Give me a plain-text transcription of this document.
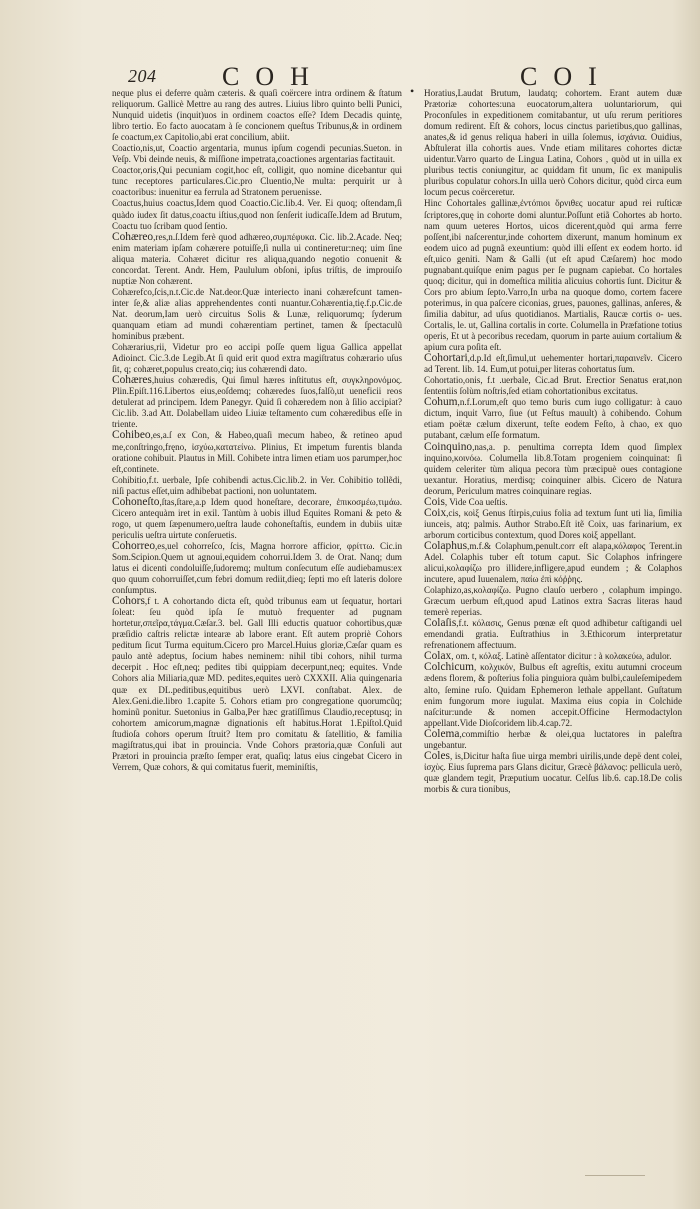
204	COH	COI
•

neque plus ei deferre quàm cæteris. & quaſi coërcere intra ordinem & ſtatum reliquorum. Gallicè Mettre au rang des autres. Liuius libro quinto belli Punici, Nunquid uidetis (inquit)uos in ordinem coactos eſſe? Idem Decadis quintę, libro tertio. Eo facto auocatam à ſe concionem queſtus Tribunus,& in ordinem ſe coactum,ex Capitolio,abi erat concilium, abiit.

Coactio,nis,ut, Coactio argentaria, munus ipſum cogendi pecunias.Sueton. in Veſp. Vbi deinde neuis, & miſſione impetrata,coactiones argentarias factitauit.

Coactor,oris,Qui pecuniam cogit,hoc eſt, colligit, quo nomine dicebantur qui tunc receptores particulares.Cic.pro Cluentio,Ne multa: perquirit ur à coactoribus: inuenitur ea ferrula ad Stratonem peruenisse.

Coactus,huius coactus,Idem quod Coactio.Cic.lib.4. Ver. Ei quoq; oſtendam,ſi quàdo iudex ſit datus,coactu iſtius,quod non ſenſerit iudicaſſe.Idem ad Brutum, Coactu tuo ſcribam quod ſentio.

Cohæreo,res,n.ſ.Idem ferè quod adhæreo,συμπέφυκα. Cic. lib.2.Acade. Neq; enim materiam ipſam cohærere potuiſſe,ſi nulla ui contineretur:neq; uim ſine aliqua materia. Cohæret dicitur res aliqua,quando negotio conuenit & concordat. Terent. Andr. Hem, Paululum obſoni, ipſus triſtis, de improuiſo nuptiæ Non cohærent.

Cohærefco,ſcis,n.t.Cic.de Nat.deor.Quæ interiecto inani cohærefcunt tamen-inter ſe,& aliæ alias apprehendentes conti nuantur.Cohærentia,tię.f.p.Cic.de Nat. deorum,Iam uerò circuitus Solis & Lunæ, reliquorumq; ſyderum quanquam etiam ad mundi cohærentiam pertinet, tamen & ſpectaculũ hominibus præbent.

Cohærarius,rii, Videtur pro eo accipi poſſe quem ligua Gallica appellat Adioinct. Cic.3.de Legib.At ſi quid erit quod extra magiſtratus cohærario uſus ſit, q; cohæret,populus creato,ciq; ius cohærendi dato.

Cohæres,huius cohæredis, Qui ſimul hæres inſtitutus eſt, συγκληρονόμος. Plin.Epiſt.116.Libertos eius,eoſdemq; cohæredes ſuos,falſò,ut ueneficii reos detulerat ad principem. Idem Panegyr. Quid ſi cohæredem non à ſilio accipiat? Cic.lib. 3.ad Att. Dolabellam uideo Liuiæ teſtamento cum cohæredibus eſſe in triente.

Cohibeo,es,a.ſ ex Con, & Habeo,quaſi mecum habeo, & retineo apud me,conſtringo,fręno, ἰσχύω,κατατείνω. Plinius, Et impetum furentis blanda oratione cohibuit. Plautus in Mill. Cohibete intra limen etiam uos parumper,hoc eſt,continete.

Cohibitio,f.t. uerbale, Ipſe cohibendi actus.Cic.lib.2. in Ver. Cohibitio tollẽdi, niſi pactus eſſet,uim adhibebat pactioni, non uoluntatem.

Cohoneſto,ſtas,ſtare,a.p Idem quod honeſtare, decorare, ἐπικοσμέω,τιμάω. Cicero antequàm iret in exil. Tantùm à uobis illud Equites Romani & peto & rogo, ut quem ſæpenumero,ueſtra laude cohoneſtaſtis, eundem in dubiis uitæ periculis ueſtra uirtute conſeruetis.

Cohorreo,es,uel cohorreſco, ſcis, Magna horrore afficior, φρίττω. Cic.in Som.Scipion.Quem ut agnoui,equidem cohorrui.Idem 3. de Orat. Nanq; dum latus ei dicenti condoluiſſe,ſudoremq; multum conſecutum eſſe audiebamus:ex quo quum cohorruiſſet,cum febri domum rediit,dieq; ſepti mo eſt lateris dolore conſumptus.

Cohors,f t. A cohortando dicta eſt, quòd tribunus eam ut ſequatur, hortari ſoleat: ſeu quòd ipſa ſe mutuò frequenter ad pugnam hortetur,σπεῖρα,τάγμα.Cæſar.3. bel. Gall Illi eductis quatuor cohortibus,quæ præſidio caſtris relictæ intearæ ab labore erant. Eſt autem propriè Cohors peditum ſicut Turma equitum.Cicero pro Marcel.Huius gloriæ,Cæſar quam es paulo antè adeptus, ſocium habes neminem: nihil tibi cohors, nihil turma decerpit . Hoc eſt,neq; pedites tibi quippiam decerpunt,neq; equites. Vnde Cohors alia Miliaria,quæ MD. pedites,equites uerò CXXXII. Alia quingenaria quæ ex DL.peditibus,equitibus uerò LXVI. conſtabat. Alex. de Alex.Geni.die.libro 1.capite 5. Cohors etiam pro congregatione quorumcũq; hominũ ponitur. Suetonius in Galba,Per hæc gratiſſimus Claudio,receptusq; in cohortem amicorum,magnæ dignationis eſt habitus.Horat 1.Epiſtol.Quid ſtudioſa cohors operum ſtruit? Item pro comitatu & ſatellitio, & familia magiſtratus,qui ibat in prouincia. Vnde Cohors prætoria,quæ Conſuli aut Prætori in prouincia præſto ſemper erat, quaſiq; latus eius cingebat Cicero in Verrem, Quæ cohors, & qui comitatus fuerit, meminiſtis,

Horatius,Laudat Brutum, laudatq; cohortem. Erant autem duæ Prætoriæ cohortes:una euocatorum,altera uoluntariorum, qui Proconſules in expeditionem comitabantur, ut uſu rerum peritiores domum redirent. Eſt & cohors, locus cinctus parietibus,quo gallinas, anates,& id genus reliqua haberi in uilla ſolemus, ἰσχάνια. Ouidius, Abſtulerat illa cohortis aues. Vnde etiam militares cohortes dictæ uidentur.Varro quarto de Lingua Latina, Cohors , quòd ut in uilla ex pluribus tectis coniungitur, ac quiddam fit unum, ſic ex manipulis pluribus copulatur cohors.In uilla uerò Cohors dicitur, quòd circa eum locum pecus coërceretur.

Hinc Cohortales gallinæ,ἐντόπιοι ὄρνιθες uocatur apud rei ruſticæ ſcriptores,quę in cohorte domi aluntur.Poſſunt etiã Cohortes ab horto. nam quum ueteres Hortos, uicos dicerent,quòd qui arma ferre poſſent,ibi naſcerentur,inde cohortem dixerunt, manum hominum ex eodem uico ad pugnã exeuntium: quòd illi eſſent ex eodem horto. id eſt,uico geniti. Nam & Galli (ut eſt apud Cæſarem) hoc modo pugnabant.quiſque enim pagus per ſe pugnam capiebat. Co hortales quoq; dicitur, qui in domeſtica militia alicuius cohortis ſunt. Dicitur & Cors pro abium ſepto.Varro,In urba na quoque domo, cortem facere poterimus, in qua paſcere ciconias, grues, pauones, gallinas, anſeres, & ſimilia dabitur, ad uſus quotidianos. Martialis, Raucæ cortis o- ues. Cortalis, le. ut, Gallina cortalis in corte. Columella in Præfatione totius operis, Et ut à pecoribus recedam, quorum in parte auium cortalium & apium cura poſita eſt.

Cohortari,d.p.Id eſt,ſimul,ut uehementer hortari,παραινεῖν. Cicero ad Terent. lib. 14. Eum,ut potui,per literas cohortatus ſum.

Cohortatio,onis, f.t .uerbale, Cic.ad Brut. Erectior Senatus erat,non ſententiis ſolùm noſtris,ſed etiam cohortationibus excitatus.

Cohum,n.f.Lorum,eſt quo temo buris cum iugo colligatur: à cauo dictum, inquit Varro, ſiue (ut Feſtus mauult) à cohibendo. Cohum etiam poëtæ cælum dixerunt, teſte eodem Feſto, à chao, ex quo putabant, cælum eſſe formatum.

Coinquino,nas,a. p. penultima correpta Idem quod ſimplex inquino,κοινόω. Columella lib.8.Totam progeniem coinquinat: ſi quidem celeriter tùm aliqua pecora tùm præcipuè oues contagione uexantur. Horatius, merdisq; coinquiner albis. Cicero de Natura deorum, Periculum matres coinquinare regias.

Cois, Vide Coa ueſtis.

Coix,cis, κοὶξ Genus ſtirpis,cuius folia ad textum ſunt uti lia, ſimilia iunceis, atq; palmis. Author Strabo.Eſt itẽ Coix, uas farinarium, ex arborum corticibus contextum, quod Dores κοὶξ appellant.

Colaphus,m.f.& Colaphum,penult.corr eſt alapa,κόλαφος Terent.in Adel. Colaphis tuber eſt totum caput. Sic Colaphos infringere alicui,κολαφίζω pro illidere,infligere,apud eundem ; & Colaphos incutere, apud Iuuenalem, παίω ἐπὶ κόῤῥης.

Colaphizo,as,κολαφίζω. Pugno clauſo uerbero , colaphum impingo. Græcum uerbum eſt,quod apud Latinos extra Sacras literas haud temerè reperias.

Colaſis,f.t. κόλασις, Genus pœnæ eſt quod adhibetur caſtigandi uel emendandi gratia. Euſtrathius in 3.Ethicorum interpretatur refrenationem affectuum.

Colax, om. t, κόλαξ. Latinè aſſentator dicitur : à κολακεύω, adulor.

Colchicum, κολχικόν, Bulbus eſt agreſtis, exitu autumni croceum ædens florem, & poſterius folia pinguiora quàm bulbi,cauleſemipedem alto, ſemine ruſo. Quidam Ephemeron lethale appellant. Guſtatum enim fungorum more iugulat. Maxima eius copia in Colchide naſcitur:unde & nomen accepit.Officine Hermodactylon appellant.Vide Dioſcoridem lib.4.cap.72.

Colema,commiſtio herbæ & olei,qua luctatores in paleſtra ungebantur.

Coles, is,Dicitur haſta ſiue uirga membri uirilis,unde depë dent colei, ἰσχὺς. Eius ſuprema pars Glans dicitur, Græcè βάλανος: pellicula uerò, quæ glandem tegit, Præputium uocatur. Celſus lib.6. cap.18.De colis morbis & cura tionibus,
